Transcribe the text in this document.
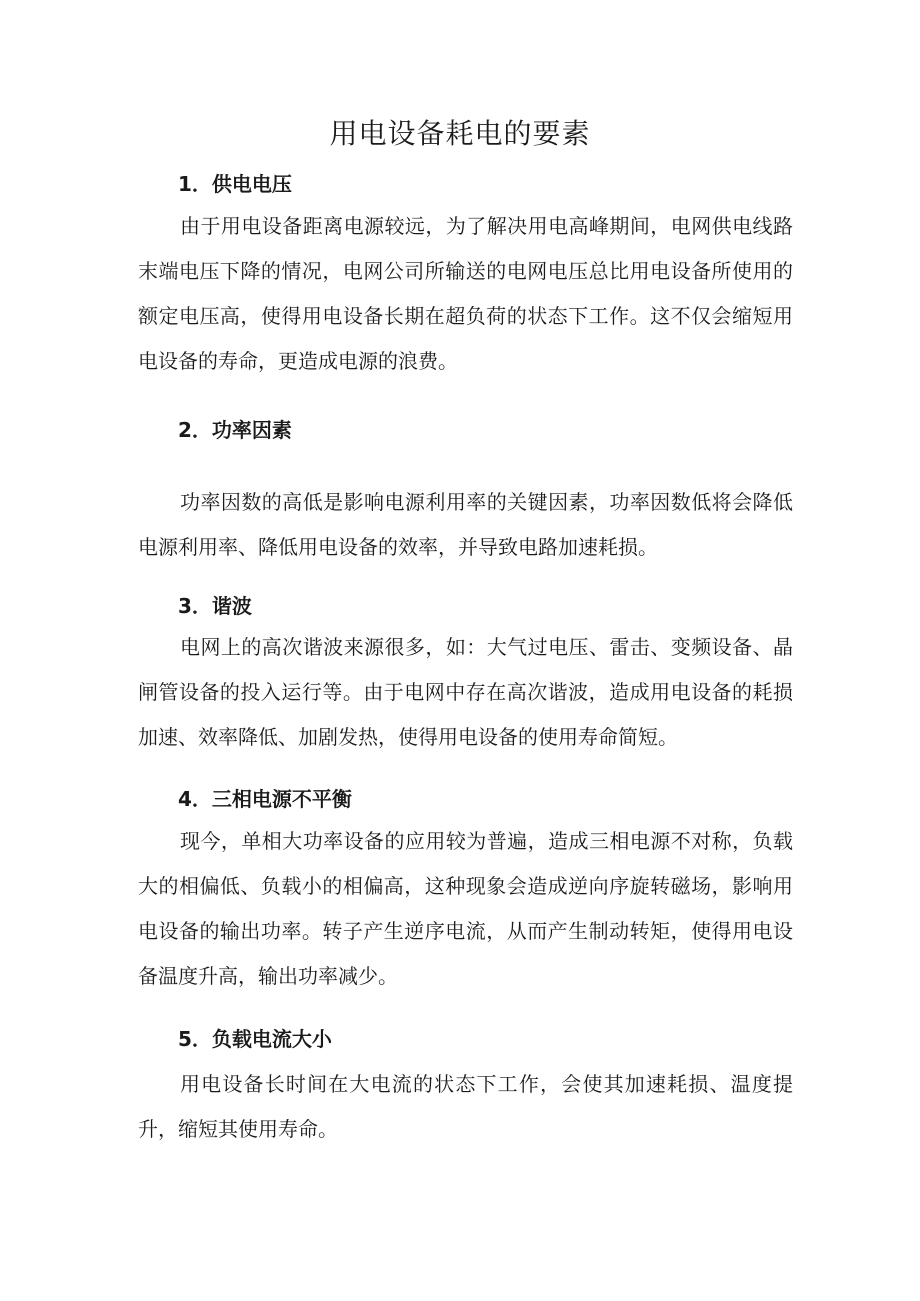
用电设备耗电的要素
1．供电电压

由于用电设备距离电源较远，为了解决用电高峰期间，电网供电线路末端电压下降的情况，电网公司所输送的电网电压总比用电设备所使用的额定电压高，使得用电设备长期在超负荷的状态下工作。这不仅会缩短用电设备的寿命，更造成电源的浪费。

2．功率因素

功率因数的高低是影响电源利用率的关键因素，功率因数低将会降低电源利用率、降低用电设备的效率，并导致电路加速耗损。

3．谐波

电网上的高次谐波来源很多，如：大气过电压、雷击、变频设备、晶闸管设备的投入运行等。由于电网中存在高次谐波，造成用电设备的耗损加速、效率降低、加剧发热，使得用电设备的使用寿命简短。

4．三相电源不平衡

现今，单相大功率设备的应用较为普遍，造成三相电源不对称，负载大的相偏低、负载小的相偏高，这种现象会造成逆向序旋转磁场，影响用电设备的输出功率。转子产生逆序电流，从而产生制动转矩，使得用电设备温度升高，输出功率减少。

5．负载电流大小

用电设备长时间在大电流的状态下工作，会使其加速耗损、温度提升，缩短其使用寿命。
